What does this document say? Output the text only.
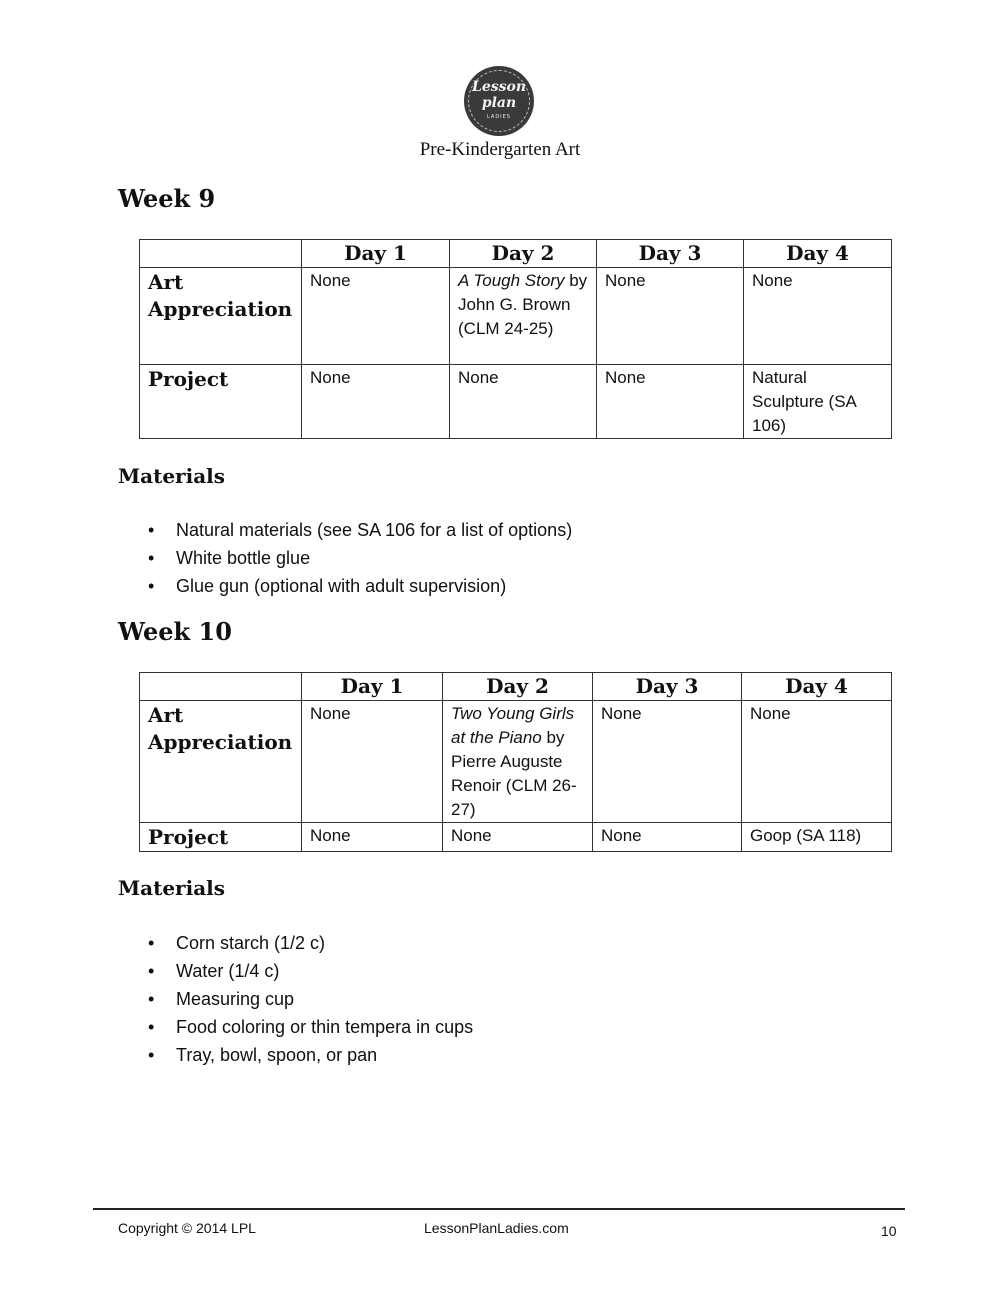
Lesson
plan
LADIES
Pre-Kindergarten Art
Week 9
	Day 1	Day 2	Day 3	Day 4
Art
Appreciation	None	A Tough Story by John G. Brown (CLM 24-25)	None	None
Project	None	None	None	Natural Sculpture (SA 106)
Materials
• Natural materials (see SA 106 for a list of options)
• White bottle glue
• Glue gun (optional with adult supervision)
Week 10
	Day 1	Day 2	Day 3	Day 4
Art
Appreciation	None	Two Young Girls at the Piano by Pierre Auguste Renoir (CLM 26-27)	None	None
Project	None	None	None	Goop (SA 118)
Materials
• Corn starch (1/2 c)
• Water (1/4 c)
• Measuring cup
• Food coloring or thin tempera in cups
• Tray, bowl, spoon, or pan
Copyright © 2014 LPL	LessonPlanLadies.com	10
